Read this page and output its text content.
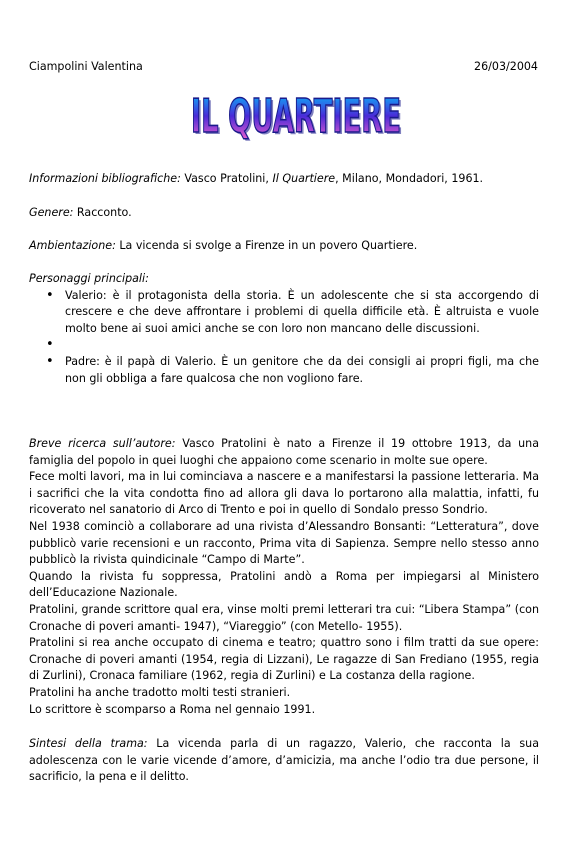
Ciampolini Valentina	26/03/2004
IL QUARTIERE
IL QUARTIERE
Informazioni bibliografiche: Vasco Pratolini, Il Quartiere, Milano, Mondadori, 1961.
Genere: Racconto.
Ambientazione: La vicenda si svolge a Firenze in un povero Quartiere.
Personaggi principali:
• Valerio: è il protagonista della storia. È un adolescente che si sta accorgendo di crescere e che deve affrontare i problemi di quella difficile età. È altruista e vuole molto bene ai suoi amici anche se con loro non mancano delle discussioni.
•
• Padre: è il papà di Valerio. È un genitore che da dei consigli ai propri figli, ma che non gli obbliga a fare qualcosa che non vogliono fare.

Breve ricerca sull’autore: Vasco Pratolini è nato a Firenze il 19 ottobre 1913, da una famiglia del popolo in quei luoghi che appaiono come scenario in molte sue opere.

Fece molti lavori, ma in lui cominciava a nascere e a manifestarsi la passione letteraria. Ma i sacrifici che la vita condotta fino ad allora gli dava lo portarono alla malattia, infatti, fu ricoverato nel sanatorio di Arco di Trento e poi in quello di Sondalo presso Sondrio.

Nel 1938 cominciò a collaborare ad una rivista d’Alessandro Bonsanti: “Letteratura”, dove pubblicò varie recensioni e un racconto, Prima vita di Sapienza. Sempre nello stesso anno pubblicò la rivista quindicinale “Campo di Marte”.

Quando la rivista fu soppressa, Pratolini andò a Roma per impiegarsi al Ministero dell’Educazione Nazionale.

Pratolini, grande scrittore qual era, vinse molti premi letterari tra cui: “Libera Stampa” (con Cronache di poveri amanti- 1947), “Viareggio” (con Metello- 1955).

Pratolini si rea anche occupato di cinema e teatro; quattro sono i film tratti da sue opere: Cronache di poveri amanti (1954, regia di Lizzani), Le ragazze di San Frediano (1955, regia di Zurlini), Cronaca familiare (1962, regia di Zurlini) e La costanza della ragione.

Pratolini ha anche tradotto molti testi stranieri.

Lo scrittore è scomparso a Roma nel gennaio 1991.

Sintesi della trama: La vicenda parla di un ragazzo, Valerio, che racconta la sua adolescenza con le varie vicende d’amore, d’amicizia, ma anche l’odio tra due persone, il sacrificio, la pena e il delitto.
